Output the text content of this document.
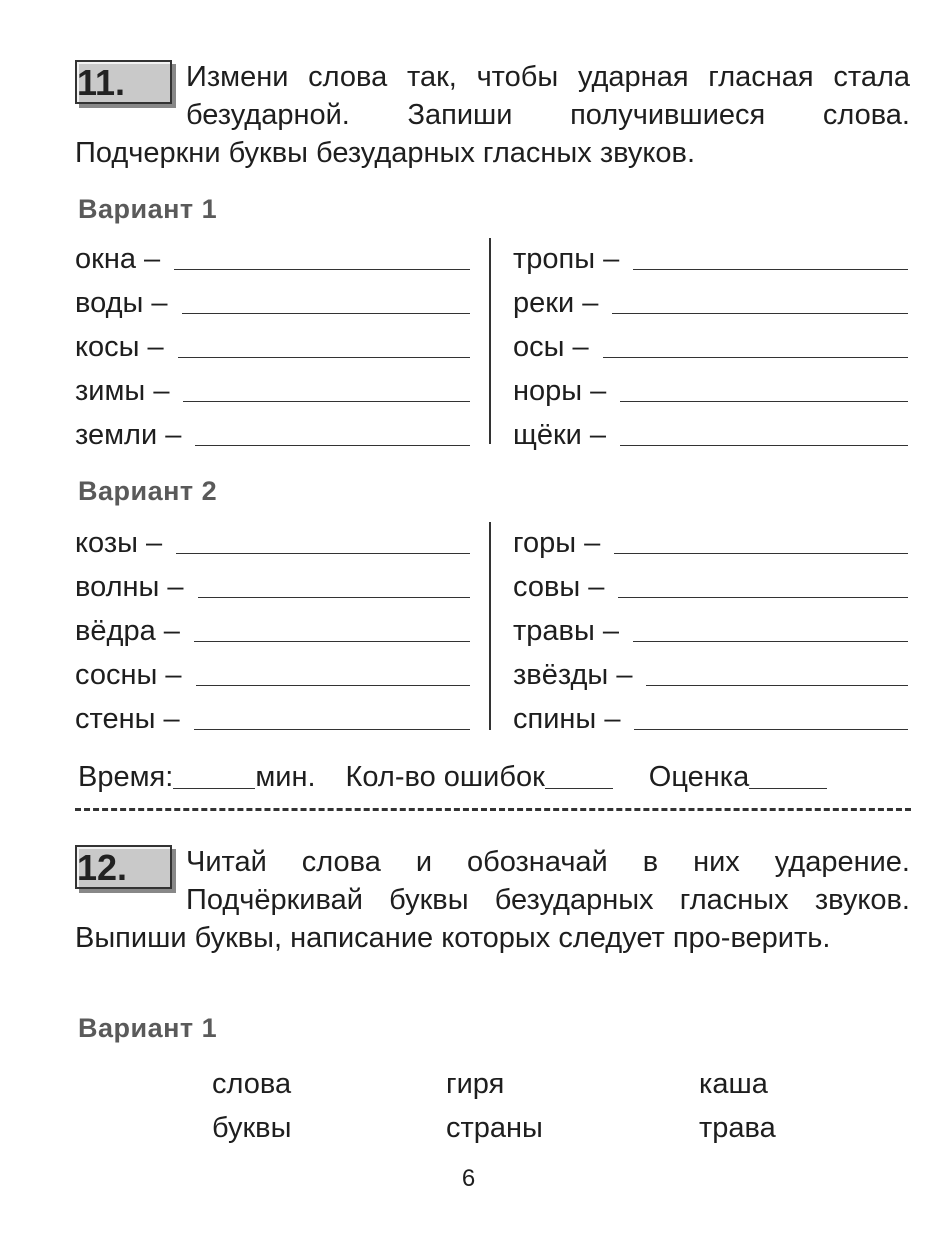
11.	Измени слова так, чтобы ударная гласная стала безударной. Запиши получившиеся слова. Подчеркни буквы безударных гласных звуков.

Вариант 1
окна –
воды –
косы –
зимы –
земли –
тропы –
реки –
осы –
норы –
щёки –
Вариант 2
козы –
волны –
вёдра –
сосны –
стены –
горы –
совы –
травы –
звёзды –
спины –
Время:	мин. Кол-во ошибок	Оценка

12.	Читай слова и обозначай в них ударение. Подчёркивай буквы безударных гласных звуков. Выпиши буквы, написание которых следует про-верить.

Вариант 1
слова	гиря	каша
буквы	страны	трава
6
